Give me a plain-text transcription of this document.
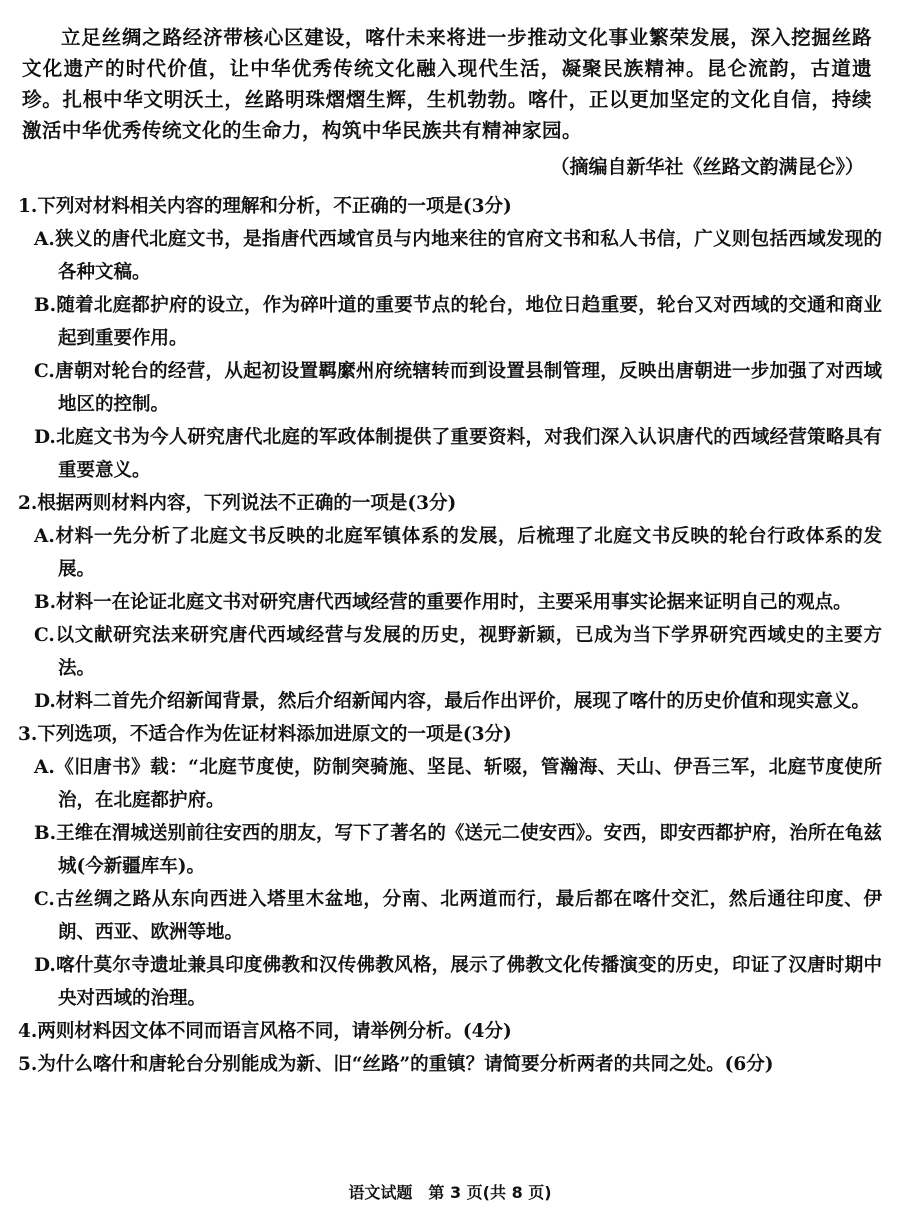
立足丝绸之路经济带核心区建设，喀什未来将进一步推动文化事业繁荣发展，深入挖掘丝路文化遗产的时代价值，让中华优秀传统文化融入现代生活，凝聚民族精神。昆仑流韵，古道遗珍。扎根中华文明沃土，丝路明珠熠熠生辉，生机勃勃。喀什，正以更加坚定的文化自信，持续激活中华优秀传统文化的生命力，构筑中华民族共有精神家园。

（摘编自新华社《丝路文韵满昆仑》）
1.下列对材料相关内容的理解和分析，不正确的一项是(3分)
A.狭义的唐代北庭文书，是指唐代西域官员与内地来往的官府文书和私人书信，广义则包括西域发现的各种文稿。
B.随着北庭都护府的设立，作为碎叶道的重要节点的轮台，地位日趋重要，轮台又对西域的交通和商业起到重要作用。
C.唐朝对轮台的经营，从起初设置羁縻州府统辖转而到设置县制管理，反映出唐朝进一步加强了对西域地区的控制。
D.北庭文书为今人研究唐代北庭的军政体制提供了重要资料，对我们深入认识唐代的西域经营策略具有重要意义。
2.根据两则材料内容，下列说法不正确的一项是(3分)
A.材料一先分析了北庭文书反映的北庭军镇体系的发展，后梳理了北庭文书反映的轮台行政体系的发展。
B.材料一在论证北庭文书对研究唐代西域经营的重要作用时，主要采用事实论据来证明自己的观点。
C.以文献研究法来研究唐代西域经营与发展的历史，视野新颖，已成为当下学界研究西域史的主要方法。
D.材料二首先介绍新闻背景，然后介绍新闻内容，最后作出评价，展现了喀什的历史价值和现实意义。
3.下列选项，不适合作为佐证材料添加进原文的一项是(3分)
A.《旧唐书》载：“北庭节度使，防制突骑施、坚昆、斩啜，管瀚海、天山、伊吾三军，北庭节度使所治，在北庭都护府。
B.王维在渭城送别前往安西的朋友，写下了著名的《送元二使安西》。安西，即安西都护府，治所在龟兹城(今新疆库车)。
C.古丝绸之路从东向西进入塔里木盆地，分南、北两道而行，最后都在喀什交汇，然后通往印度、伊朗、西亚、欧洲等地。
D.喀什莫尔寺遗址兼具印度佛教和汉传佛教风格，展示了佛教文化传播演变的历史，印证了汉唐时期中央对西域的治理。
4.两则材料因文体不同而语言风格不同，请举例分析。(4分)
5.为什么喀什和唐轮台分别能成为新、旧“丝路”的重镇？请简要分析两者的共同之处。(6分)
语文试题　第 3 页(共 8 页)
